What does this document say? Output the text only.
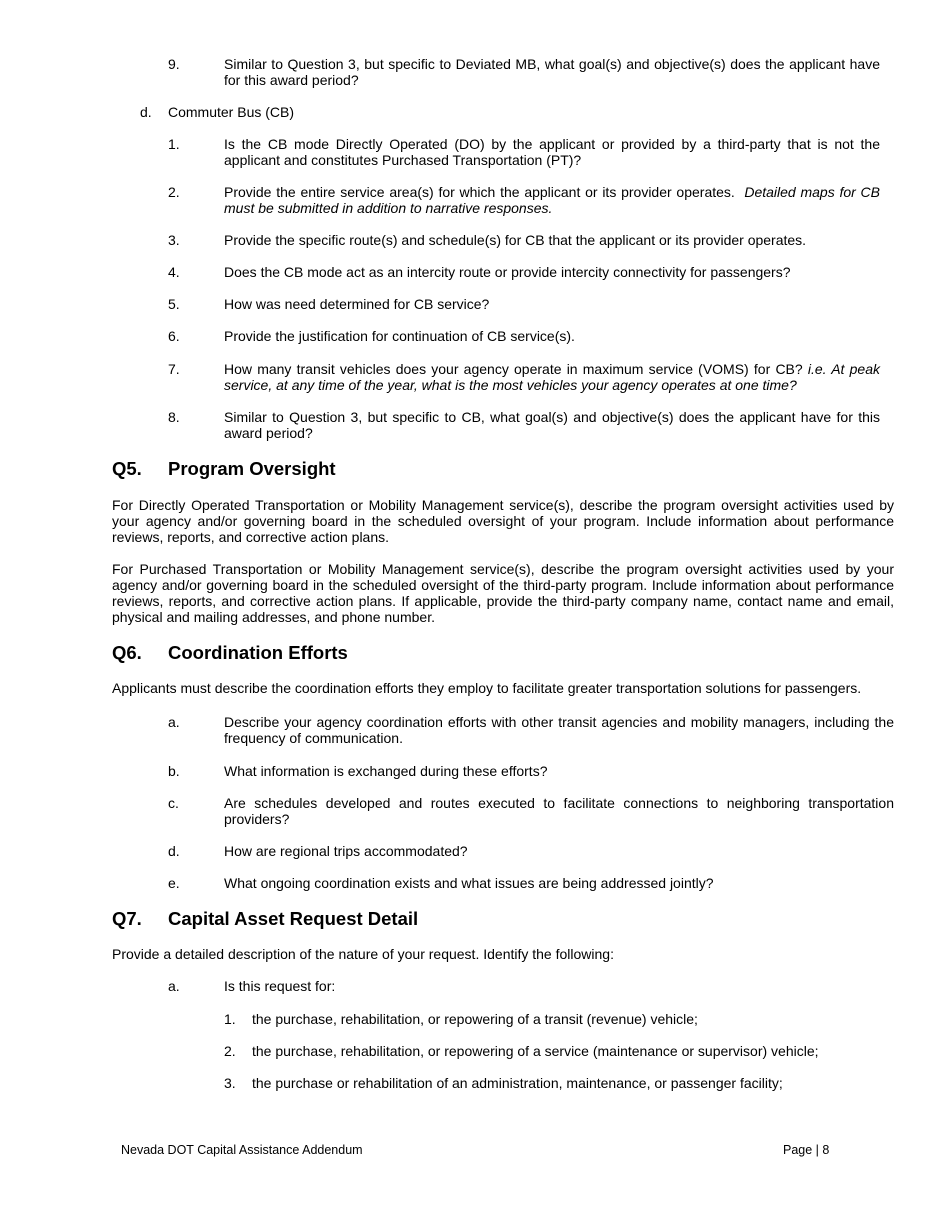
9.	Similar to Question 3, but specific to Deviated MB, what goal(s) and objective(s) does the applicant have for this award period?
d. Commuter Bus (CB)
1.	Is the CB mode Directly Operated (DO) by the applicant or provided by a third-party that is not the applicant and constitutes Purchased Transportation (PT)?
2.	Provide the entire service area(s) for which the applicant or its provider operates.  Detailed maps for CB must be submitted in addition to narrative responses.
3.	Provide the specific route(s) and schedule(s) for CB that the applicant or its provider operates.
4.	Does the CB mode act as an intercity route or provide intercity connectivity for passengers?
5.	How was need determined for CB service?
6.	Provide the justification for continuation of CB service(s).
7.	How many transit vehicles does your agency operate in maximum service (VOMS) for CB? i.e. At peak service, at any time of the year, what is the most vehicles your agency operates at one time?
8.	Similar to Question 3, but specific to CB, what goal(s) and objective(s) does the applicant have for this award period?
Q5. Program Oversight

For Directly Operated Transportation or Mobility Management service(s), describe the program oversight activities used by your agency and/or governing board in the scheduled oversight of your program. Include information about performance reviews, reports, and corrective action plans.

For Purchased Transportation or Mobility Management service(s), describe the program oversight activities used by your agency and/or governing board in the scheduled oversight of the third-party program. Include information about performance reviews, reports, and corrective action plans. If applicable, provide the third-party company name, contact name and email, physical and mailing addresses, and phone number.

Q6. Coordination Efforts

Applicants must describe the coordination efforts they employ to facilitate greater transportation solutions for passengers.

a.	Describe your agency coordination efforts with other transit agencies and mobility managers, including the frequency of communication.
b.	What information is exchanged during these efforts?
c.	Are schedules developed and routes executed to facilitate connections to neighboring transportation providers?
d.	How are regional trips accommodated?
e.	What ongoing coordination exists and what issues are being addressed jointly?
Q7. Capital Asset Request Detail

Provide a detailed description of the nature of your request. Identify the following:

a.	Is this request for:
1. the purchase, rehabilitation, or repowering of a transit (revenue) vehicle;
2. the purchase, rehabilitation, or repowering of a service (maintenance or supervisor) vehicle;
3. the purchase or rehabilitation of an administration, maintenance, or passenger facility;
Nevada DOT Capital Assistance Addendum	Page | 8
